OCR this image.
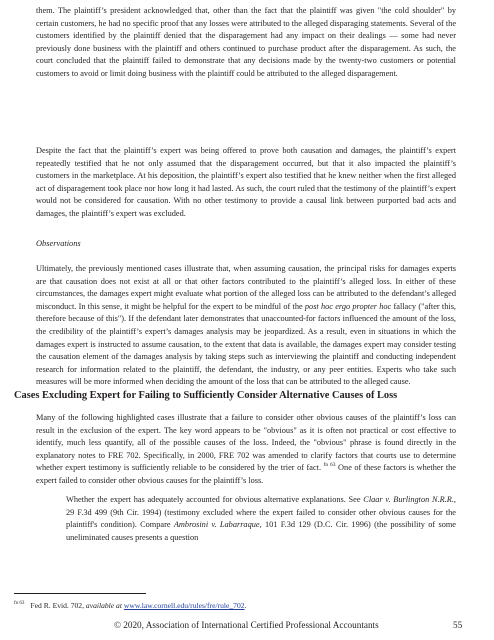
them. The plaintiff’s president acknowledged that, other than the fact that the plaintiff was given "the cold shoulder" by certain customers, he had no specific proof that any losses were attributed to the alleged disparaging statements. Several of the customers identified by the plaintiff denied that the disparagement had any impact on their dealings — some had never previously done business with the plaintiff and others continued to purchase product after the disparagement. As such, the court concluded that the plaintiff failed to demonstrate that any decisions made by the twenty-two customers or potential customers to avoid or limit doing business with the plaintiff could be attributed to the alleged disparagement.

Despite the fact that the plaintiff’s expert was being offered to prove both causation and damages, the plaintiff’s expert repeatedly testified that he not only assumed that the disparagement occurred, but that it also impacted the plaintiff’s customers in the marketplace. At his deposition, the plaintiff’s expert also testified that he knew neither when the first alleged act of disparagement took place nor how long it had lasted. As such, the court ruled that the testimony of the plaintiff’s expert would not be considered for causation. With no other testimony to provide a causal link between purported bad acts and damages, the plaintiff’s expert was excluded.

Observations

Ultimately, the previously mentioned cases illustrate that, when assuming causation, the principal risks for damages experts are that causation does not exist at all or that other factors contributed to the plaintiff’s alleged loss. In either of these circumstances, the damages expert might evaluate what portion of the alleged loss can be attributed to the defendant’s alleged misconduct. In this sense, it might be helpful for the expert to be mindful of the post hoc ergo propter hoc fallacy ("after this, therefore because of this"). If the defendant later demonstrates that unaccounted-for factors influenced the amount of the loss, the credibility of the plaintiff’s expert’s damages analysis may be jeopardized. As a result, even in situations in which the damages expert is instructed to assume causation, to the extent that data is available, the damages expert may consider testing the causation element of the damages analysis by taking steps such as interviewing the plaintiff and conducting independent research for information related to the plaintiff, the defendant, the industry, or any peer entities. Experts who take such measures will be more informed when deciding the amount of the loss that can be attributed to the alleged cause.

Cases Excluding Expert for Failing to Sufficiently Consider Alternative Causes of Loss

Many of the following highlighted cases illustrate that a failure to consider other obvious causes of the plaintiff’s loss can result in the exclusion of the expert. The key word appears to be "obvious" as it is often not practical or cost effective to identify, much less quantify, all of the possible causes of the loss. Indeed, the "obvious" phrase is found directly in the explanatory notes to FRE 702. Specifically, in 2000, FRE 702 was amended to clarify factors that courts use to determine whether expert testimony is sufficiently reliable to be considered by the trier of fact. $^{fn 63}$ One of these factors is whether the expert failed to consider other obvious causes for the plaintiff’s loss.

Whether the expert has adequately accounted for obvious alternative explanations. See Claar v. Burlington N.R.R., 29 F.3d 499 (9th Cir. 1994) (testimony excluded where the expert failed to consider other obvious causes for the plaintiff's condition). Compare Ambrosini v. Labarraque, 101 F.3d 129 (D.C. Cir. 1996) (the possibility of some uneliminated causes presents a question

$^{fn 63}$ Fed R. Evid. 702, available at www.law.cornell.edu/rules/fre/rule_702.

© 2020, Association of International Certified Professional Accountants	55
